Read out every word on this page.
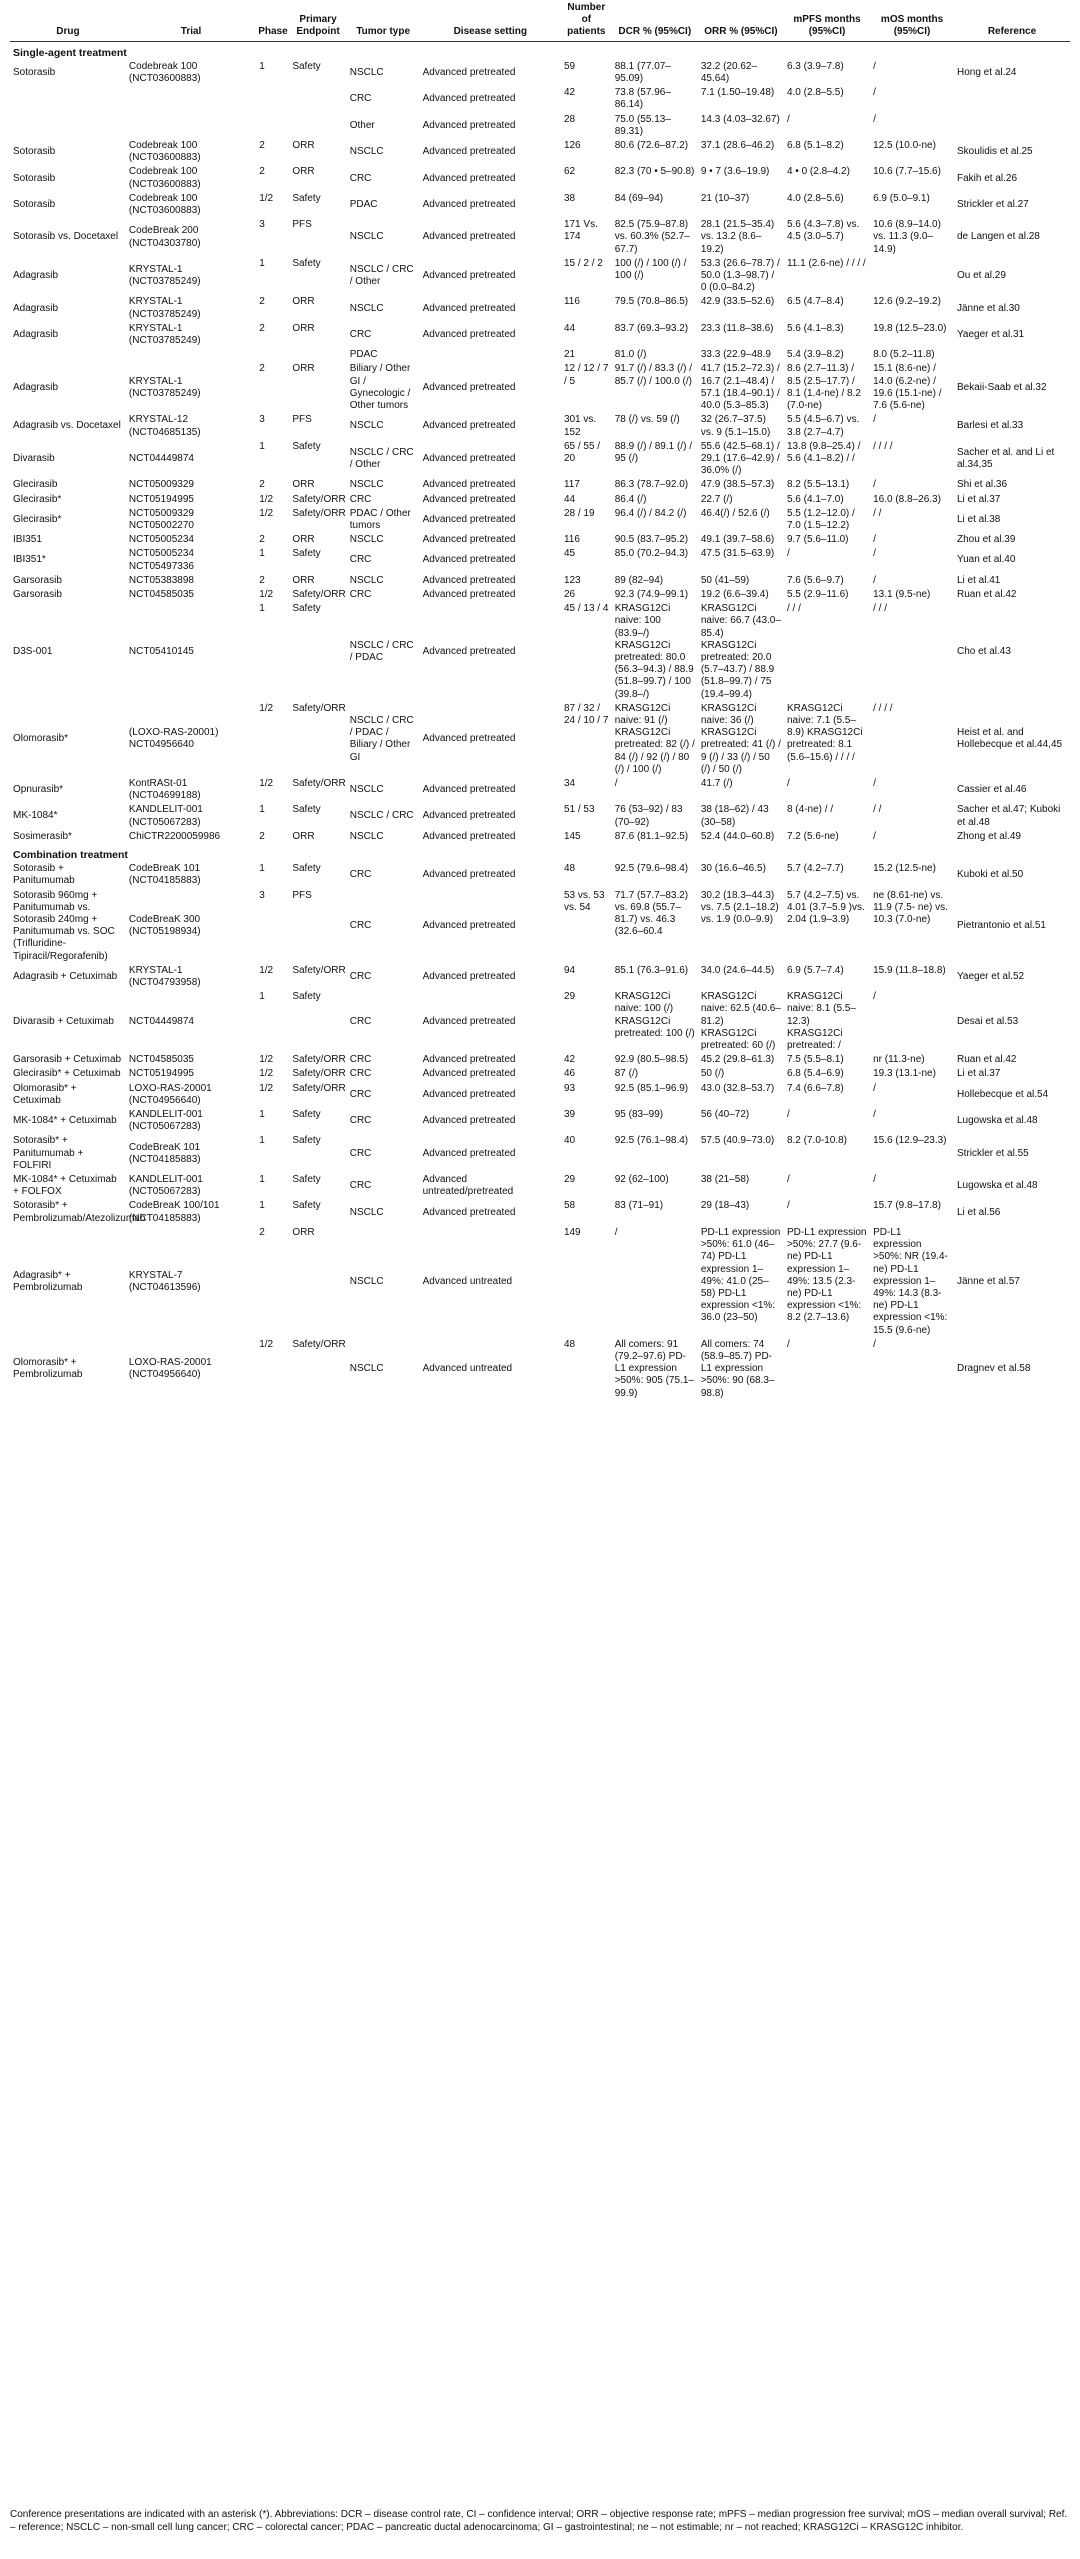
Drug	Trial	Phase	Primary Endpoint	Tumor type	Disease setting	Number of patients	DCR % (95%CI)	ORR % (95%CI)	mPFS months (95%CI)	mOS months (95%CI)	Reference
Single-agent treatment											
Sotorasib	Codebreak 100 (NCT03600883)	1	Safety	NSCLC	Advanced pretreated	59	88.1 (77.07–95.09)	32.2 (20.62–45.64)	6.3 (3.9–7.8)	/	Hong et al.24
				CRC	Advanced pretreated	42	73.8 (57.96–86.14)	7.1 (1.50–19.48)	4.0 (2.8–5.5)	/	
				Other	Advanced pretreated	28	75.0 (55.13–89.31)	14.3 (4.03–32.67)	/	/	
Sotorasib	Codebreak 100 (NCT03600883)	2	ORR	NSCLC	Advanced pretreated	126	80.6 (72.6–87.2)	37.1 (28.6–46.2)	6.8 (5.1–8.2)	12.5 (10.0-ne)	Skoulidis et al.25
Sotorasib	Codebreak 100 (NCT03600883)	2	ORR	CRC	Advanced pretreated	62	82.3 (70 • 5–90.8)	9 • 7 (3.6–19.9)	4 • 0 (2.8–4.2)	10.6 (7.7–15.6)	Fakih et al.26
Sotorasib	Codebreak 100 (NCT03600883)	1/2	Safety	PDAC	Advanced pretreated	38	84 (69–94)	21 (10–37)	4.0 (2.8–5.6)	6.9 (5.0–9.1)	Strickler et al.27
Sotorasib vs. Docetaxel	CodeBreak 200 (NCT04303780)	3	PFS	NSCLC	Advanced pretreated	171 Vs. 174	82.5 (75.9–87.8) vs. 60.3% (52.7–67.7)	28.1 (21.5–35.4) vs. 13.2 (8.6–19.2)	5.6 (4.3–7.8) vs. 4.5 (3.0–5.7)	10.6 (8.9–14.0) vs. 11.3 (9.0–14.9)	de Langen et al.28
Adagrasib	KRYSTAL-1 (NCT03785249)	1	Safety	NSCLC / CRC / Other	Advanced pretreated	15 / 2 / 2	100 (/) / 100 (/) / 100 (/)	53.3 (26.6–78.7) / 50.0 (1.3–98.7) / 0 (0.0–84.2)	11.1 (2.6-ne) / / / /		Ou et al.29
Adagrasib	KRYSTAL-1 (NCT03785249)	2	ORR	NSCLC	Advanced pretreated	116	79.5 (70.8–86.5)	42.9 (33.5–52.6)	6.5 (4.7–8.4)	12.6 (9.2–19.2)	Jänne et al.30
Adagrasib	KRYSTAL-1 (NCT03785249)	2	ORR	CRC	Advanced pretreated	44	83.7 (69.3–93.2)	23.3 (11.8–38.6)	5.6 (4.1–8.3)	19.8 (12.5–23.0)	Yaeger et al.31
				PDAC		21	81.0 (/)	33.3 (22.9–48.9	5.4 (3.9–8.2)	8.0 (5.2–11.8)	
Adagrasib	KRYSTAL-1 (NCT03785249)	2	ORR	Biliary / Other GI / Gynecologic / Other tumors	Advanced pretreated	12 / 12 / 7 / 5	91.7 (/) / 83.3 (/) / 85.7 (/) / 100.0 (/)	41.7 (15.2–72.3) / 16.7 (2.1–48.4) / 57.1 (18.4–90.1) / 40.0 (5.3–85.3)	8.6 (2.7–11.3) / 8.5 (2.5–17.7) / 8.1 (1.4-ne) / 8.2 (7.0-ne)	15.1 (8.6-ne) / 14.0 (6.2-ne) / 19.6 (15.1-ne) / 7.6 (5.6-ne)	Bekaii-Saab et al.32
Adagrasib vs. Docetaxel	KRYSTAL-12 (NCT04685135)	3	PFS	NSCLC	Advanced pretreated	301 vs. 152	78 (/) vs. 59 (/)	32 (26.7–37.5) vs. 9 (5.1–15.0)	5.5 (4.5–6.7) vs. 3.8 (2.7–4.7)	/	Barlesi et al.33
Divarasib	NCT04449874	1	Safety	NSCLC / CRC / Other	Advanced pretreated	65 / 55 / 20	88.9 (/) / 89.1 (/) / 95 (/)	55.6 (42.5–68.1) / 29.1 (17.6–42.9) / 36.0% (/)	13.8 (9.8–25.4) / 5.6 (4.1–8.2) / /	/ / / /	Sacher et al. and Li et al.34,35
Glecirasib	NCT05009329	2	ORR	NSCLC	Advanced pretreated	117	86.3 (78.7–92.0)	47.9 (38.5–57.3)	8.2 (5.5–13.1)	/	Shi et al.36
Glecirasib*	NCT05194995	1/2	Safety/ORR	CRC	Advanced pretreated	44	86.4 (/)	22.7 (/)	5.6 (4.1–7.0)	16.0 (8.8–26.3)	Li et al.37
Glecirasib*	NCT05009329 NCT05002270	1/2	Safety/ORR	PDAC / Other tumors	Advanced pretreated	28 / 19	96.4 (/) / 84.2 (/)	46.4(/) / 52.6 (/)	5.5 (1.2–12.0) / 7.0 (1.5–12.2)	/ /	Li et al.38
IBI351	NCT05005234	2	ORR	NSCLC	Advanced pretreated	116	90.5 (83.7–95.2)	49.1 (39.7–58.6)	9.7 (5.6–11.0)	/	Zhou et al.39
IBI351*	NCT05005234 NCT05497336	1	Safety	CRC	Advanced pretreated	45	85.0 (70.2–94.3)	47.5 (31.5–63.9)	/	/	Yuan et al.40
Garsorasib	NCT05383898	2	ORR	NSCLC	Advanced pretreated	123	89 (82–94)	50 (41–59)	7.6 (5.6–9.7)	/	Li et al.41
Garsorasib	NCT04585035	1/2	Safety/ORR	CRC	Advanced pretreated	26	92.3 (74.9–99.1)	19.2 (6.6–39.4)	5.5 (2.9–11.6)	13.1 (9.5-ne)	Ruan et al.42
D3S-001	NCT05410145	1	Safety	NSCLC / CRC / PDAC	Advanced pretreated	45 / 13 / 4	KRASG12Ci naive: 100 (83.9–/) KRASG12Ci pretreated: 80.0 (56.3–94.3) / 88.9 (51.8–99.7) / 100 (39.8–/)	KRASG12Ci naive: 66.7 (43.0–85.4) KRASG12Ci pretreated: 20.0 (5.7–43.7) / 88.9 (51.8–99.7) / 75 (19.4–99.4)	/ / /	/ / /	Cho et al.43
Olomorasib*	(LOXO-RAS-20001) NCT04956640	1/2	Safety/ORR	NSCLC / CRC / PDAC / Biliary / Other GI	Advanced pretreated	87 / 32 / 24 / 10 / 7	KRASG12Ci naive: 91 (/) KRASG12Ci pretreated: 82 (/) / 84 (/) / 92 (/) / 80 (/) / 100 (/)	KRASG12Ci naive: 36 (/) KRASG12Ci pretreated: 41 (/) / 9 (/) / 33 (/) / 50 (/) / 50 (/)	KRASG12Ci naive: 7.1 (5.5–8.9) KRASG12Ci pretreated: 8.1 (5.6–15.6) / / / /	/ / / /	Heist et al. and Hollebecque et al.44,45
Opnurasib*	KontRASt-01 (NCT04699188)	1/2	Safety/ORR	NSCLC	Advanced pretreated	34	/	41.7 (/)	/	/	Cassier et al.46
MK-1084*	KANDLELIT-001 (NCT05067283)	1	Safety	NSCLC / CRC	Advanced pretreated	51 / 53	76 (53–92) / 83 (70–92)	38 (18–62) / 43 (30–58)	8 (4-ne) / /	/ /	Sacher et al.47; Kuboki et al.48
Sosimerasib*	ChiCTR2200059986	2	ORR	NSCLC	Advanced pretreated	145	87.6 (81.1–92.5)	52.4 (44.0–60.8)	7.2 (5.6-ne)	/	Zhong et al.49
Combination treatment											
Sotorasib + Panitumumab	CodeBreaK 101 (NCT04185883)	1	Safety	CRC	Advanced pretreated	48	92.5 (79.6–98.4)	30 (16.6–46.5)	5.7 (4.2–7.7)	15.2 (12.5-ne)	Kuboki et al.50
Sotorasib 960mg + Panitumumab vs. Sotorasib 240mg + Panitumumab vs. SOC (Trifluridine-Tipiracil/Regorafenib)	CodeBreaK 300 (NCT05198934)	3	PFS	CRC	Advanced pretreated	53 vs. 53 vs. 54	71.7 (57.7–83.2) vs. 69.8 (55.7–81.7) vs. 46.3 (32.6–60.4	30.2 (18.3–44.3) vs. 7.5 (2.1–18.2) vs. 1.9 (0.0–9.9)	5.7 (4.2–7.5) vs. 4.01 (3.7–5.9 )vs. 2.04 (1.9–3.9)	ne (8.61-ne) vs. 11.9 (7.5- ne) vs. 10.3 (7.0-ne)	Pietrantonio et al.51
Adagrasib + Cetuximab	KRYSTAL-1 (NCT04793958)	1/2	Safety/ORR	CRC	Advanced pretreated	94	85.1 (76.3–91.6)	34.0 (24.6–44.5)	6.9 (5.7–7.4)	15.9 (11.8–18.8)	Yaeger et al.52
Divarasib + Cetuximab	NCT04449874	1	Safety	CRC	Advanced pretreated	29	KRASG12Ci naive: 100 (/) KRASG12Ci pretreated: 100 (/)	KRASG12Ci naive: 62.5 (40.6–81.2) KRASG12Ci pretreated: 60 (/)	KRASG12Ci naive: 8.1 (5.5–12.3) KRASG12Ci pretreated: /	/	Desai et al.53
Garsorasib + Cetuximab	NCT04585035	1/2	Safety/ORR	CRC	Advanced pretreated	42	92.9 (80.5–98.5)	45.2 (29.8–61.3)	7.5 (5.5–8.1)	nr (11.3-ne)	Ruan et al.42
Glecirasib* + Cetuximab	NCT05194995	1/2	Safety/ORR	CRC	Advanced pretreated	46	87 (/)	50 (/)	6.8 (5.4–6.9)	19.3 (13.1-ne)	Li et al.37
Olomorasib* + Cetuximab	LOXO-RAS-20001 (NCT04956640)	1/2	Safety/ORR	CRC	Advanced pretreated	93	92.5 (85.1–96.9)	43.0 (32.8–53.7)	7.4 (6.6–7.8)	/	Hollebecque et al.54
MK-1084* + Cetuximab	KANDLELIT-001 (NCT05067283)	1	Safety	CRC	Advanced pretreated	39	95 (83–99)	56 (40–72)	/	/	Lugowska et al.48
Sotorasib* + Panitumumab + FOLFIRI	CodeBreaK 101 (NCT04185883)	1	Safety	CRC	Advanced pretreated	40	92.5 (76.1–98.4)	57.5 (40.9–73.0)	8.2 (7.0-10.8)	15.6 (12.9–23.3)	Strickler et al.55
MK-1084* + Cetuximab + FOLFOX	KANDLELIT-001 (NCT05067283)	1	Safety	CRC	Advanced untreated/pretreated	29	92 (62–100)	38 (21–58)	/	/	Lugowska et al.48
Sotorasib* + Pembrolizumab/Atezolizumab	CodeBreaK 100/101 (NCT04185883)	1	Safety	NSCLC	Advanced pretreated	58	83 (71–91)	29 (18–43)	/	15.7 (9.8–17.8)	Li et al.56
Adagrasib* + Pembrolizumab	KRYSTAL-7 (NCT04613596)	2	ORR	NSCLC	Advanced untreated	149	/	PD-L1 expression >50%: 61.0 (46–74) PD-L1 expression 1–49%: 41.0 (25–58) PD-L1 expression <1%: 36.0 (23–50)	PD-L1 expression >50%: 27.7 (9.6-ne) PD-L1 expression 1–49%: 13.5 (2.3-ne) PD-L1 expression <1%: 8.2 (2.7–13.6)	PD-L1 expression >50%: NR (19.4-ne) PD-L1 expression 1–49%: 14.3 (8.3-ne) PD-L1 expression <1%: 15.5 (9.6-ne)	Jänne et al.57
Olomorasib* + Pembrolizumab	LOXO-RAS-20001 (NCT04956640)	1/2	Safety/ORR	NSCLC	Advanced untreated	48	All comers: 91 (79.2–97.6) PD-L1 expression >50%: 905 (75.1–99.9)	All comers: 74 (58.9–85.7) PD-L1 expression >50%: 90 (68.3–98.8)	/	/	Dragnev et al.58
Conference presentations are indicated with an asterisk (*). Abbreviations: DCR – disease control rate, CI – confidence interval; ORR – objective response rate; mPFS – median progression free survival; mOS – median overall survival; Ref. – reference; NSCLC – non-small cell lung cancer; CRC – colorectal cancer; PDAC – pancreatic ductal adenocarcinoma; GI – gastrointestinal; ne – not estimable; nr – not reached; KRASG12Ci – KRASG12C inhibitor.
